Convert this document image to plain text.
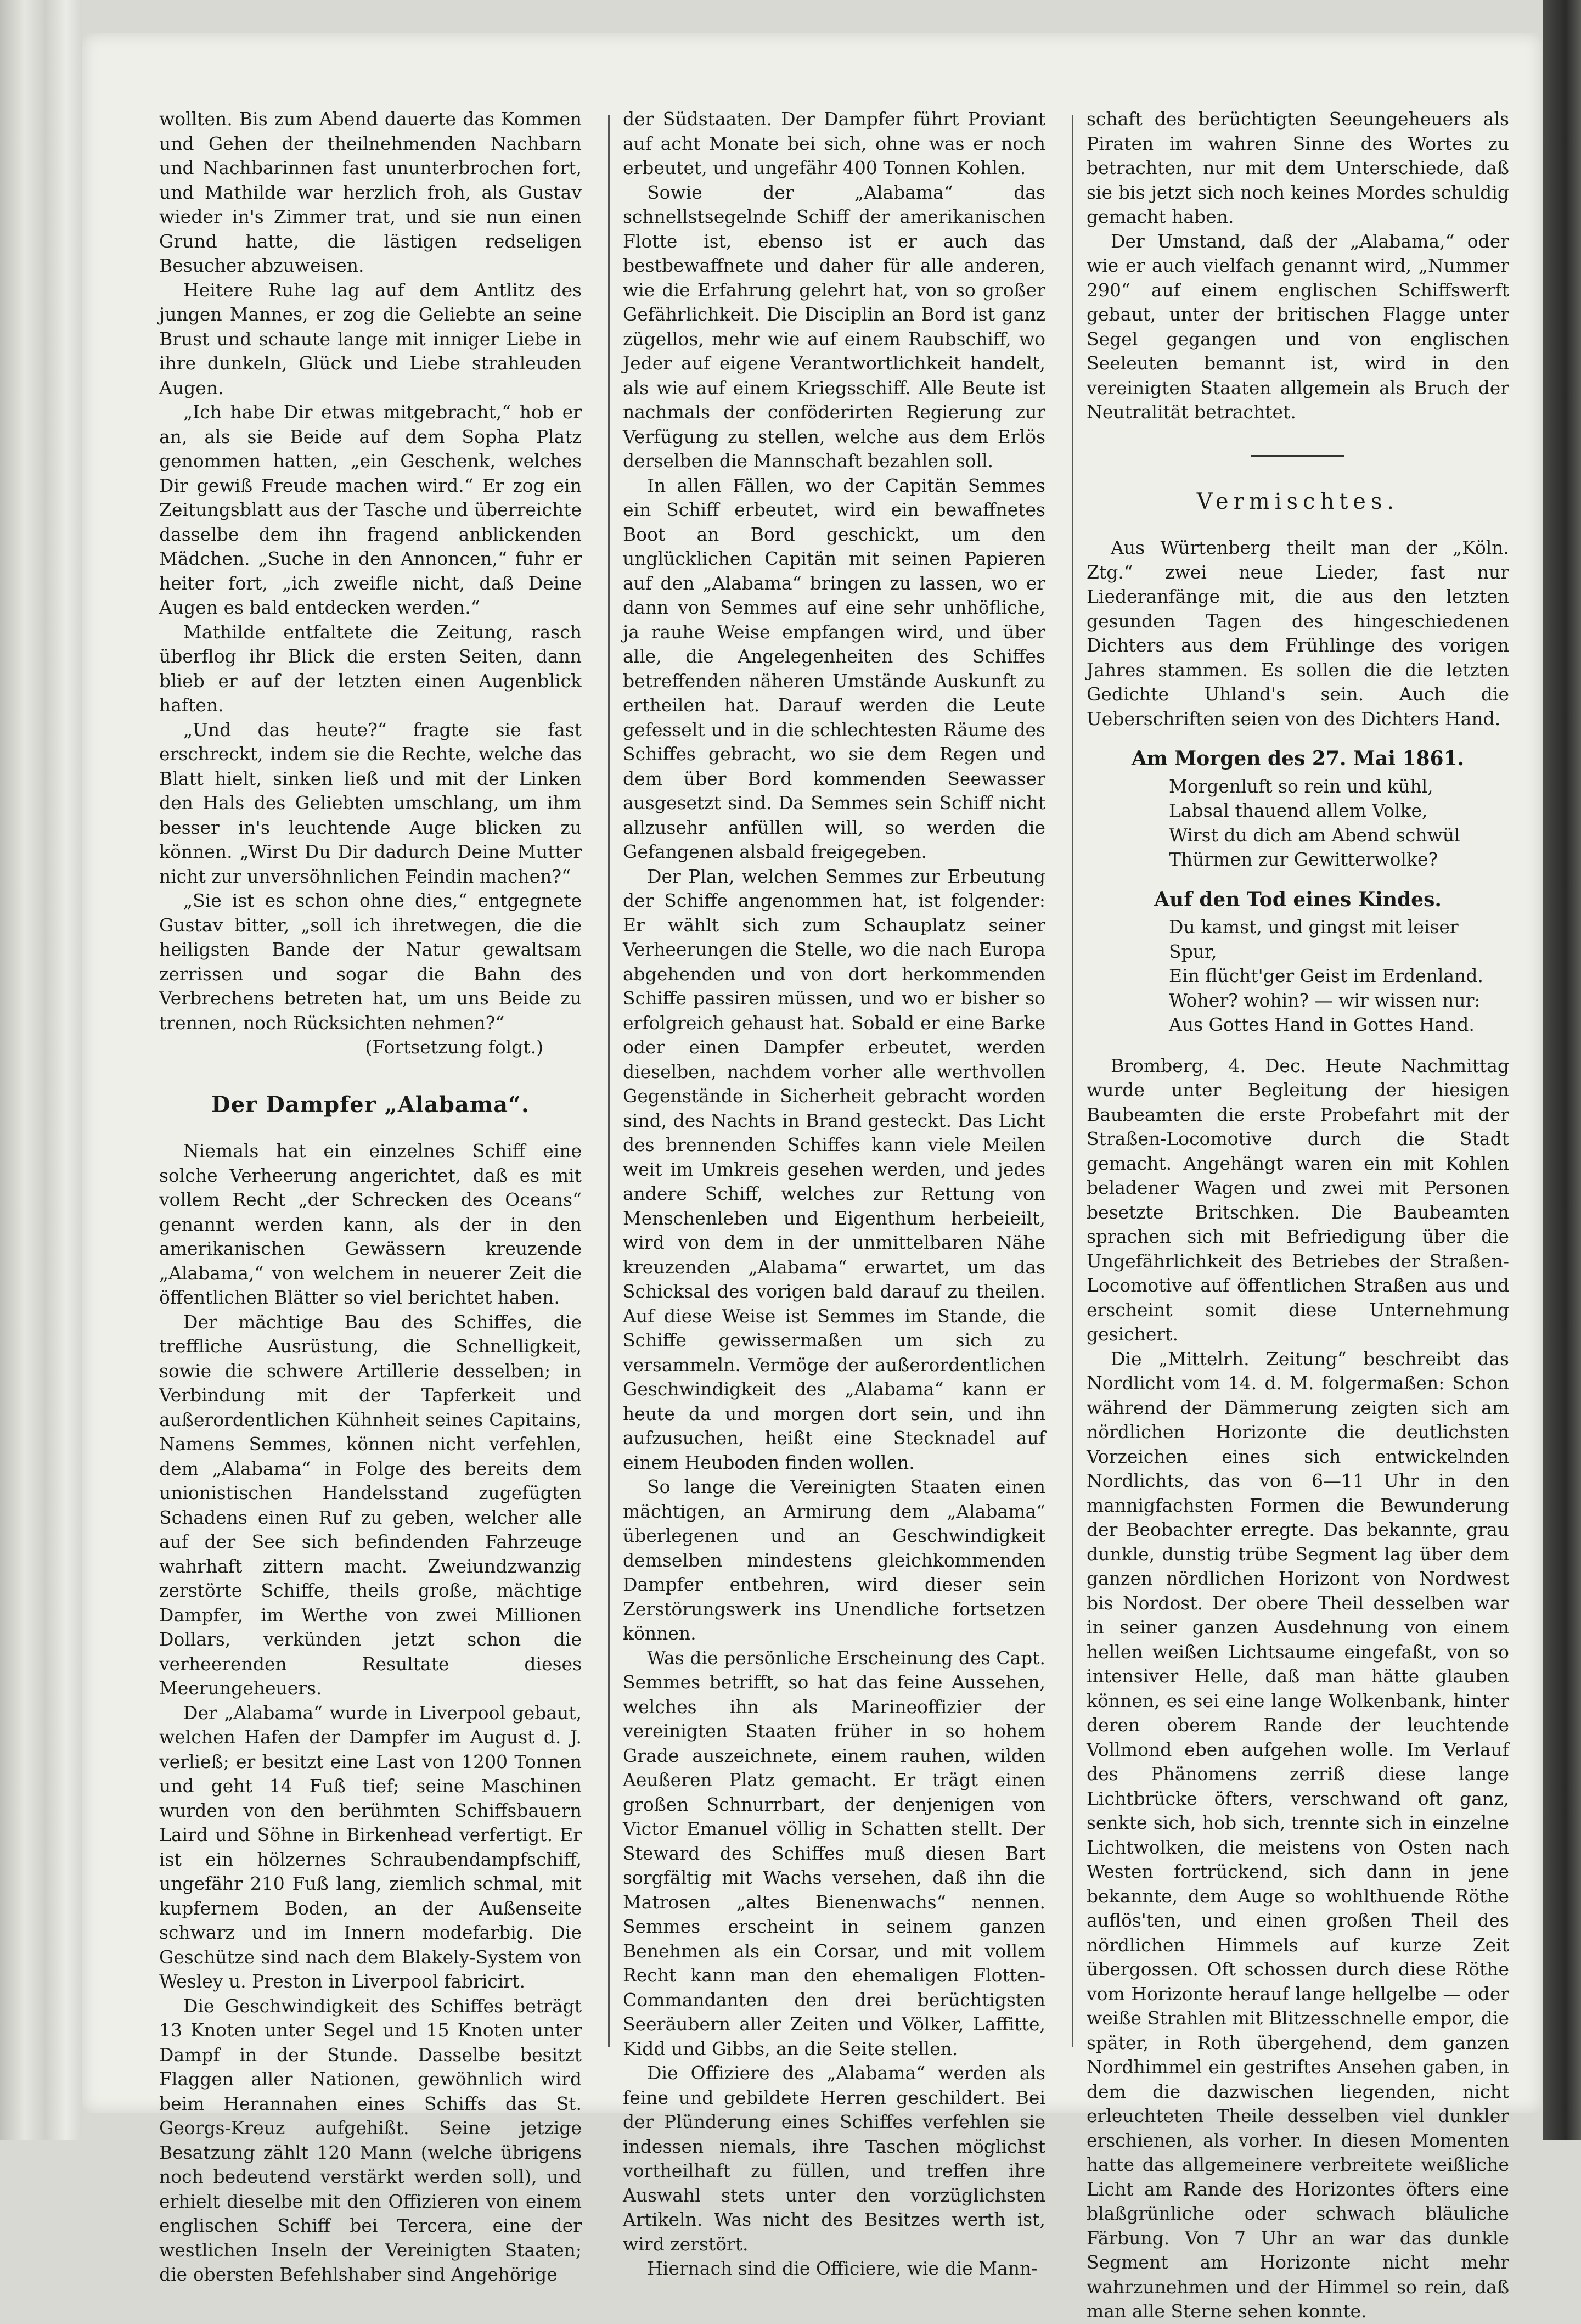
wollten. Bis zum Abend dauerte das Kommen und Gehen der theilnehmenden Nachbarn und Nachbarinnen fast ununterbrochen fort, und Mathilde war herzlich froh, als Gustav wieder in's Zimmer trat, und sie nun einen Grund hatte, die lästigen redseligen Besucher abzuweisen.

Heitere Ruhe lag auf dem Antlitz des jungen Mannes, er zog die Geliebte an seine Brust und schaute lange mit inniger Liebe in ihre dunkeln, Glück und Liebe strahleuden Augen.

„Ich habe Dir etwas mitgebracht,“ hob er an, als sie Beide auf dem Sopha Platz genommen hatten, „ein Geschenk, welches Dir gewiß Freude machen wird.“ Er zog ein Zeitungsblatt aus der Tasche und überreichte dasselbe dem ihn fragend anblickenden Mädchen. „Suche in den Annoncen,“ fuhr er heiter fort, „ich zweifle nicht, daß Deine Augen es bald entdecken werden.“

Mathilde entfaltete die Zeitung, rasch überflog ihr Blick die ersten Seiten, dann blieb er auf der letzten einen Augenblick haften.

„Und das heute?“ fragte sie fast erschreckt, indem sie die Rechte, welche das Blatt hielt, sinken ließ und mit der Linken den Hals des Geliebten umschlang, um ihm besser in's leuchtende Auge blicken zu können. „Wirst Du Dir dadurch Deine Mutter nicht zur unversöhnlichen Feindin machen?“

„Sie ist es schon ohne dies,“ entgegnete Gustav bitter, „soll ich ihretwegen, die die heiligsten Bande der Natur gewaltsam zerrissen und sogar die Bahn des Verbrechens betreten hat, um uns Beide zu trennen, noch Rücksichten nehmen?“

(Fortsetzung folgt.)

Der Dampfer „Alabama“.

Niemals hat ein einzelnes Schiff eine solche Verheerung angerichtet, daß es mit vollem Recht „der Schrecken des Oceans“ genannt werden kann, als der in den amerikanischen Gewässern kreuzende „Alabama,“ von welchem in neuerer Zeit die öffentlichen Blätter so viel berichtet haben.

Der mächtige Bau des Schiffes, die treffliche Ausrüstung, die Schnelligkeit, sowie die schwere Artillerie desselben; in Verbindung mit der Tapferkeit und außerordentlichen Kühnheit seines Capitains, Namens Semmes, können nicht verfehlen, dem „Alabama“ in Folge des bereits dem unionistischen Handelsstand zugefügten Schadens einen Ruf zu geben, welcher alle auf der See sich befindenden Fahrzeuge wahrhaft zittern macht. Zweiundzwanzig zerstörte Schiffe, theils große, mächtige Dampfer, im Werthe von zwei Millionen Dollars, verkünden jetzt schon die verheerenden Resultate dieses Meerungeheuers.

Der „Alabama“ wurde in Liverpool gebaut, welchen Hafen der Dampfer im August d. J. verließ; er besitzt eine Last von 1200 Tonnen und geht 14 Fuß tief; seine Maschinen wurden von den berühmten Schiffsbauern Laird und Söhne in Birkenhead verfertigt. Er ist ein hölzernes Schraubendampfschiff, ungefähr 210 Fuß lang, ziemlich schmal, mit kupfernem Boden, an der Außenseite schwarz und im Innern modefarbig. Die Geschütze sind nach dem Blakely-System von Wesley u. Preston in Liverpool fabricirt.

Die Geschwindigkeit des Schiffes beträgt 13 Knoten unter Segel und 15 Knoten unter Dampf in der Stunde. Dasselbe besitzt Flaggen aller Nationen, gewöhnlich wird beim Herannahen eines Schiffs das St. Georgs-Kreuz aufgehißt. Seine jetzige Besatzung zählt 120 Mann (welche übrigens noch bedeutend verstärkt werden soll), und erhielt dieselbe mit den Offizieren von einem englischen Schiff bei Tercera, eine der westlichen Inseln der Vereinigten Staaten; die obersten Befehlshaber sind Angehörige

der Südstaaten. Der Dampfer führt Proviant auf acht Monate bei sich, ohne was er noch erbeutet, und ungefähr 400 Tonnen Kohlen.

Sowie der „Alabama“ das schnellstsegelnde Schiff der amerikanischen Flotte ist, ebenso ist er auch das bestbewaffnete und daher für alle anderen, wie die Erfahrung gelehrt hat, von so großer Gefährlichkeit. Die Disciplin an Bord ist ganz zügellos, mehr wie auf einem Raubschiff, wo Jeder auf eigene Verantwortlichkeit handelt, als wie auf einem Kriegsschiff. Alle Beute ist nachmals der conföderirten Regierung zur Verfügung zu stellen, welche aus dem Erlös derselben die Mannschaft bezahlen soll.

In allen Fällen, wo der Capitän Semmes ein Schiff erbeutet, wird ein bewaffnetes Boot an Bord geschickt, um den unglücklichen Capitän mit seinen Papieren auf den „Alabama“ bringen zu lassen, wo er dann von Semmes auf eine sehr unhöfliche, ja rauhe Weise empfangen wird, und über alle, die Angelegenheiten des Schiffes betreffenden näheren Umstände Auskunft zu ertheilen hat. Darauf werden die Leute gefesselt und in die schlechtesten Räume des Schiffes gebracht, wo sie dem Regen und dem über Bord kommenden Seewasser ausgesetzt sind. Da Semmes sein Schiff nicht allzusehr anfüllen will, so werden die Gefangenen alsbald freigegeben.

Der Plan, welchen Semmes zur Erbeutung der Schiffe angenommen hat, ist folgender: Er wählt sich zum Schauplatz seiner Verheerungen die Stelle, wo die nach Europa abgehenden und von dort herkommenden Schiffe passiren müssen, und wo er bisher so erfolgreich gehaust hat. Sobald er eine Barke oder einen Dampfer erbeutet, werden dieselben, nachdem vorher alle werthvollen Gegenstände in Sicherheit gebracht worden sind, des Nachts in Brand gesteckt. Das Licht des brennenden Schiffes kann viele Meilen weit im Umkreis gesehen werden, und jedes andere Schiff, welches zur Rettung von Menschenleben und Eigenthum herbeieilt, wird von dem in der unmittelbaren Nähe kreuzenden „Alabama“ erwartet, um das Schicksal des vorigen bald darauf zu theilen. Auf diese Weise ist Semmes im Stande, die Schiffe gewissermaßen um sich zu versammeln. Vermöge der außerordentlichen Geschwindigkeit des „Alabama“ kann er heute da und morgen dort sein, und ihn aufzusuchen, heißt eine Stecknadel auf einem Heuboden finden wollen.

So lange die Vereinigten Staaten einen mächtigen, an Armirung dem „Alabama“ überlegenen und an Geschwindigkeit demselben mindestens gleichkommenden Dampfer entbehren, wird dieser sein Zerstörungswerk ins Unendliche fortsetzen können.

Was die persönliche Erscheinung des Capt. Semmes betrifft, so hat das feine Aussehen, welches ihn als Marineoffizier der vereinigten Staaten früher in so hohem Grade auszeichnete, einem rauhen, wilden Aeußeren Platz gemacht. Er trägt einen großen Schnurrbart, der denjenigen von Victor Emanuel völlig in Schatten stellt. Der Steward des Schiffes muß diesen Bart sorgfältig mit Wachs versehen, daß ihn die Matrosen „altes Bienenwachs“ nennen. Semmes erscheint in seinem ganzen Benehmen als ein Corsar, und mit vollem Recht kann man den ehemaligen Flotten-Commandanten den drei berüchtigsten Seeräubern aller Zeiten und Völker, Laffitte, Kidd und Gibbs, an die Seite stellen.

Die Offiziere des „Alabama“ werden als feine und gebildete Herren geschildert. Bei der Plünderung eines Schiffes verfehlen sie indessen niemals, ihre Taschen möglichst vortheilhaft zu füllen, und treffen ihre Auswahl stets unter den vorzüglichsten Artikeln. Was nicht des Besitzes werth ist, wird zerstört.

Hiernach sind die Officiere, wie die Mann-

schaft des berüchtigten Seeungeheuers als Piraten im wahren Sinne des Wortes zu betrachten, nur mit dem Unterschiede, daß sie bis jetzt sich noch keines Mordes schuldig gemacht haben.

Der Umstand, daß der „Alabama,“ oder wie er auch vielfach genannt wird, „Nummer 290“ auf einem englischen Schiffswerft gebaut, unter der britischen Flagge unter Segel gegangen und von englischen Seeleuten bemannt ist, wird in den vereinigten Staaten allgemein als Bruch der Neutralität betrachtet.

Vermischtes.

Aus Würtenberg theilt man der „Köln. Ztg.“ zwei neue Lieder, fast nur Liederanfänge mit, die aus den letzten gesunden Tagen des hingeschiedenen Dichters aus dem Frühlinge des vorigen Jahres stammen. Es sollen die die letzten Gedichte Uhland's sein. Auch die Ueberschriften seien von des Dichters Hand.

Am Morgen des 27. Mai 1861.
Morgenluft so rein und kühl,
Labsal thauend allem Volke,
Wirst du dich am Abend schwül
Thürmen zur Gewitterwolke?
Auf den Tod eines Kindes.
Du kamst, und gingst mit leiser Spur,
Ein flücht'ger Geist im Erdenland.
Woher? wohin? — wir wissen nur:
Aus Gottes Hand in Gottes Hand.

Bromberg, 4. Dec. Heute Nachmittag wurde unter Begleitung der hiesigen Baubeamten die erste Probefahrt mit der Straßen-Locomotive durch die Stadt gemacht. Angehängt waren ein mit Kohlen beladener Wagen und zwei mit Personen besetzte Britschken. Die Baubeamten sprachen sich mit Befriedigung über die Ungefährlichkeit des Betriebes der Straßen-Locomotive auf öffentlichen Straßen aus und erscheint somit diese Unternehmung gesichert.

Die „Mittelrh. Zeitung“ beschreibt das Nordlicht vom 14. d. M. folgermaßen: Schon während der Dämmerung zeigten sich am nördlichen Horizonte die deutlichsten Vorzeichen eines sich entwickelnden Nordlichts, das von 6—11 Uhr in den mannigfachsten Formen die Bewunderung der Beobachter erregte. Das bekannte, grau dunkle, dunstig trübe Segment lag über dem ganzen nördlichen Horizont von Nordwest bis Nordost. Der obere Theil desselben war in seiner ganzen Ausdehnung von einem hellen weißen Lichtsaume eingefaßt, von so intensiver Helle, daß man hätte glauben können, es sei eine lange Wolkenbank, hinter deren oberem Rande der leuchtende Vollmond eben aufgehen wolle. Im Verlauf des Phänomens zerriß diese lange Lichtbrücke öfters, verschwand oft ganz, senkte sich, hob sich, trennte sich in einzelne Lichtwolken, die meistens von Osten nach Westen fortrückend, sich dann in jene bekannte, dem Auge so wohlthuende Röthe auflös'ten, und einen großen Theil des nördlichen Himmels auf kurze Zeit übergossen. Oft schossen durch diese Röthe vom Horizonte herauf lange hellgelbe — oder weiße Strahlen mit Blitzesschnelle empor, die später, in Roth übergehend, dem ganzen Nordhimmel ein gestriftes Ansehen gaben, in dem die dazwischen liegenden, nicht erleuchteten Theile desselben viel dunkler erschienen, als vorher. In diesen Momenten hatte das allgemeinere verbreitete weißliche Licht am Rande des Horizontes öfters eine blaßgrünliche oder schwach bläuliche Färbung. Von 7 Uhr an war das dunkle Segment am Horizonte nicht mehr wahrzunehmen und der Himmel so rein, daß man alle Sterne sehen konnte.
